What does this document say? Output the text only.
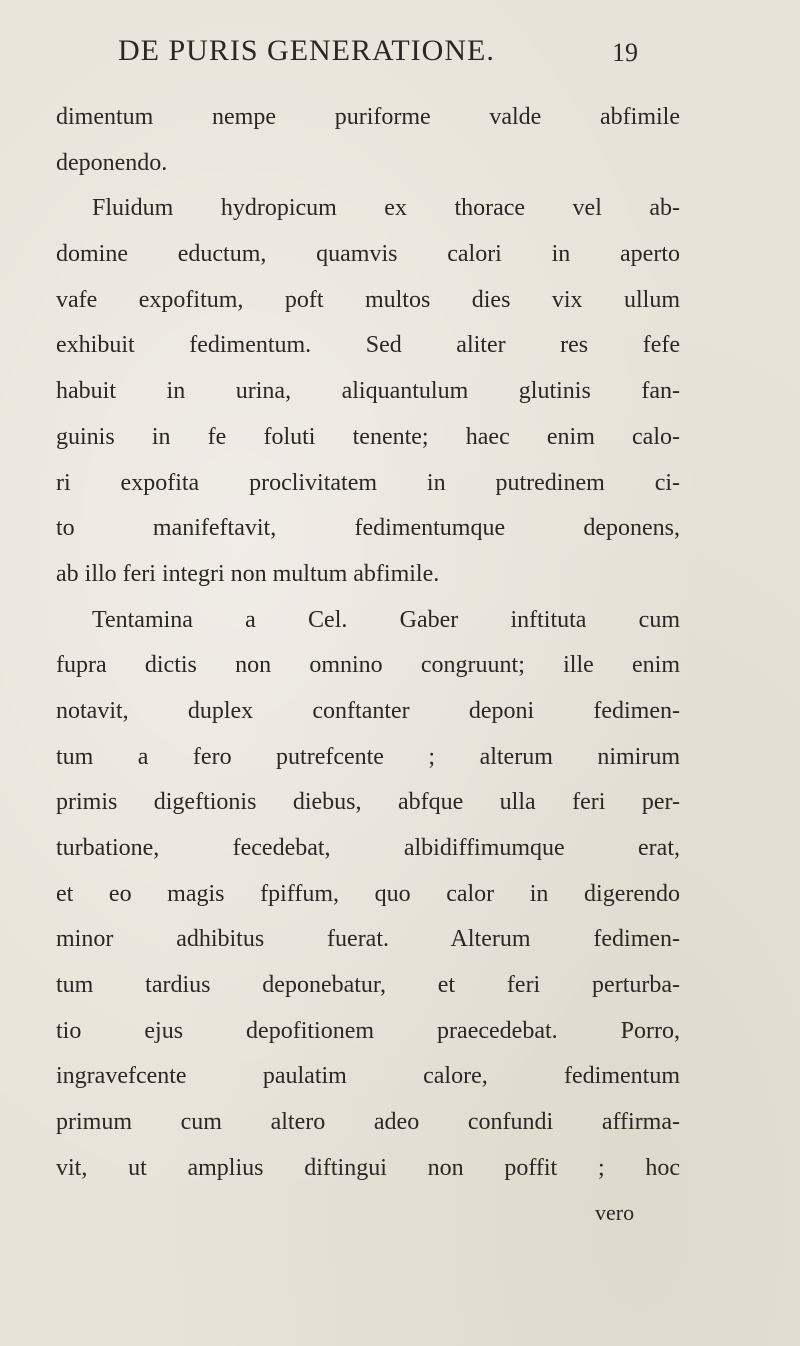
DE PURIS GENERATIONE.	19
dimentum nempe puriforme valde abfimile
deponendo.
Fluidum hydropicum ex thorace vel ab-
domine eductum, quamvis calori in aperto
vafe expofitum, poft multos dies vix ullum
exhibuit fedimentum. Sed aliter res fefe
habuit in urina, aliquantulum glutinis fan-
guinis in fe foluti tenente; haec enim calo-
ri expofita proclivitatem in putredinem ci-
to manifeftavit, fedimentumque deponens,
ab illo feri integri non multum abfimile.
Tentamina a Cel. Gaber inftituta cum
fupra dictis non omnino congruunt; ille enim
notavit, duplex conftanter deponi fedimen-
tum a fero putrefcente ; alterum nimirum
primis digeftionis diebus, abfque ulla feri per-
turbatione, fecedebat, albidiffimumque erat,
et eo magis fpiffum, quo calor in digerendo
minor adhibitus fuerat. Alterum fedimen-
tum tardius deponebatur, et feri perturba-
tio ejus depofitionem praecedebat. Porro,
ingravefcente paulatim calore, fedimentum
primum cum altero adeo confundi affirma-
vit, ut amplius diftingui non poffit ; hoc
vero
